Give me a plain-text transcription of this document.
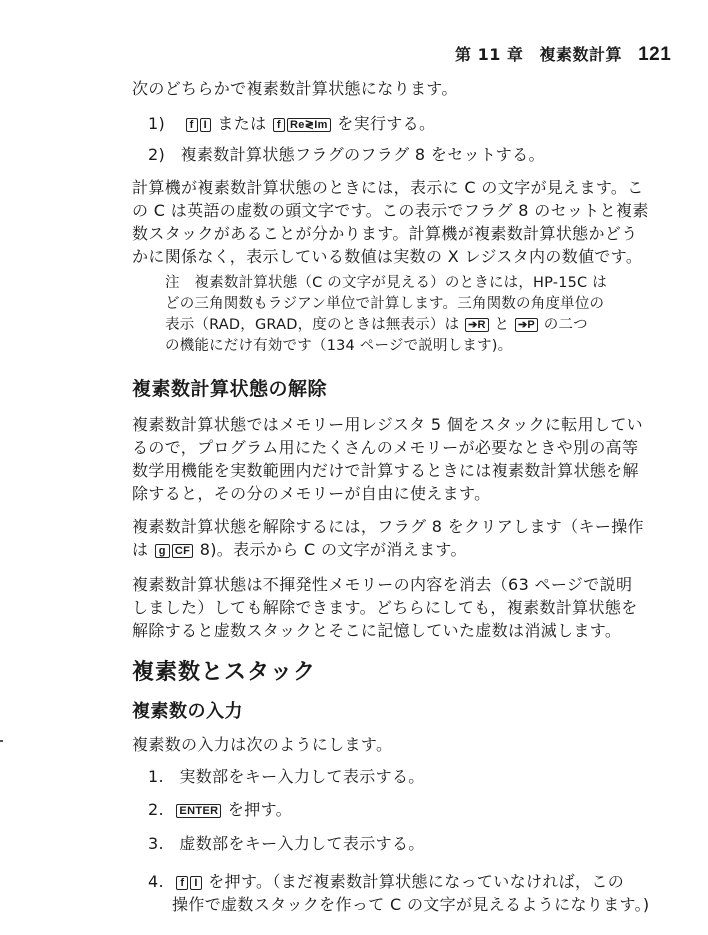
第 11 章 複素数計算 121
次のどちらかで複素数計算状態になります。
1) f I または f Re≷Im を実行する。
2) 複素数計算状態フラグのフラグ 8 をセットする。
計算機が複素数計算状態のときには，表示に C の文字が見えます。こ
の C は英語の虚数の頭文字です。この表示でフラグ 8 のセットと複素
数スタックがあることが分かります。計算機が複素数計算状態かどう
かに関係なく，表示している数値は実数の X レジスタ内の数値です。
注 複素数計算状態（C の文字が見える）のときには，HP-15C は
どの三角関数もラジアン単位で計算します。三角関数の角度単位の
表示（RAD，GRAD，度のときは無表示）は ➔R と ➔P の二つ
の機能にだけ有効です（134 ページで説明します)。
複素数計算状態の解除
複素数計算状態ではメモリー用レジスタ 5 個をスタックに転用してい
るので，プログラム用にたくさんのメモリーが必要なときや別の高等
数学用機能を実数範囲内だけで計算するときには複素数計算状態を解
除すると，その分のメモリーが自由に使えます。
複素数計算状態を解除するには，フラグ 8 をクリアします（キー操作
は g CF 8)。表示から C の文字が消えます。
複素数計算状態は不揮発性メモリーの内容を消去（63 ページで説明
しました）しても解除できます。どちらにしても，複素数計算状態を
解除すると虚数スタックとそこに記憶していた虚数は消滅します。
複素数とスタック
複素数の入力
複素数の入力は次のようにします。
1. 実数部をキー入力して表示する。
2. ENTER を押す。
3. 虚数部をキー入力して表示する。
4. f I を押す。（まだ複素数計算状態になっていなければ，この
操作で虚数スタックを作って C の文字が見えるようになります。)
